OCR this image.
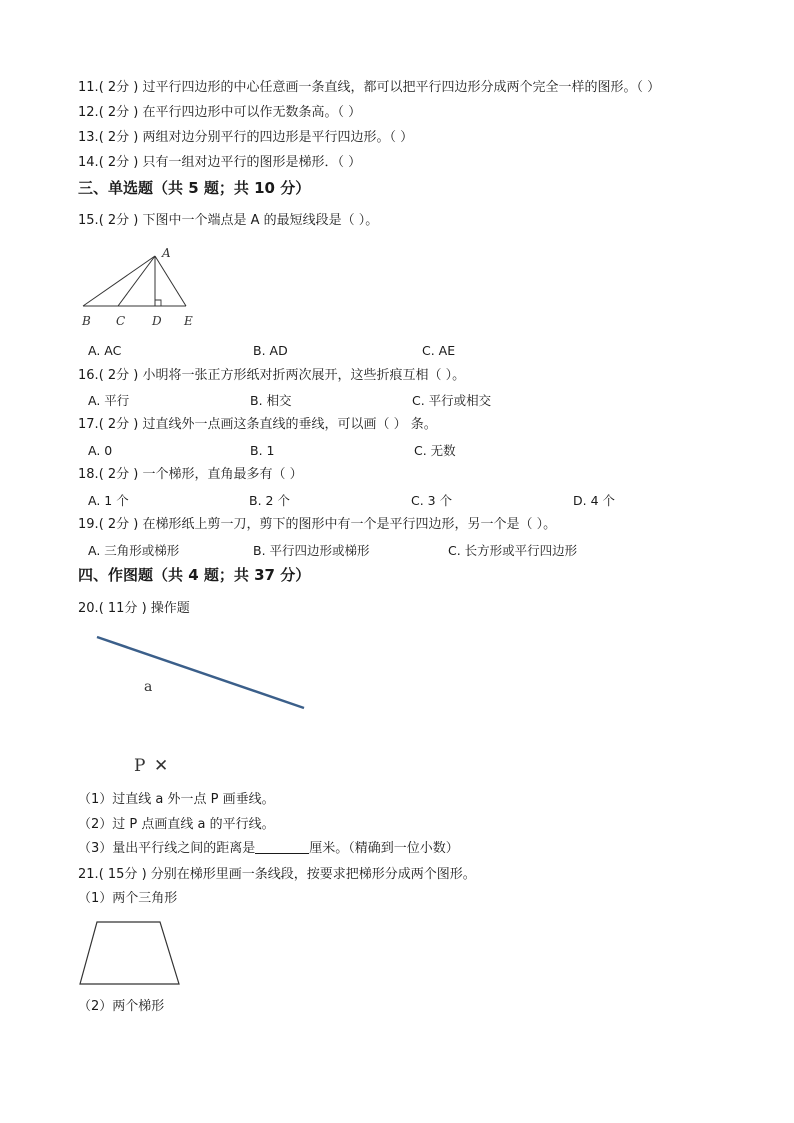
11.( 2分 ) 过平行四边形的中心任意画一条直线，都可以把平行四边形分成两个完全一样的图形。（ ）
12.( 2分 ) 在平行四边形中可以作无数条高。（ ）
13.( 2分 ) 两组对边分别平行的四边形是平行四边形。（ ）
14.( 2分 ) 只有一组对边平行的图形是梯形．（ ）
三、单选题（共 5 题；共 10 分）
15.( 2分 ) 下图中一个端点是 A 的最短线段是（ ）。
A
B C D E
A. AC	B. AD	C. AE
16.( 2分 ) 小明将一张正方形纸对折两次展开，这些折痕互相（ ）。
A. 平行	B. 相交	C. 平行或相交
17.( 2分 ) 过直线外一点画这条直线的垂线，可以画（ ） 条。
A. 0	B. 1	C. 无数
18.( 2分 ) 一个梯形，直角最多有（ ）
A. 1 个	B. 2 个	C. 3 个	D. 4 个
19.( 2分 ) 在梯形纸上剪一刀，剪下的图形中有一个是平行四边形，另一个是（ ）。
A. 三角形或梯形	B. 平行四边形或梯形	C. 长方形或平行四边形
四、作图题（共 4 题；共 37 分）
20.( 11分 ) 操作题
a
P ✕
（1）过直线 a 外一点 P 画垂线。
（2）过 P 点画直线 a 的平行线。
（3）量出平行线之间的距离是	厘米。（精确到一位小数）
21.( 15分 ) 分别在梯形里画一条线段，按要求把梯形分成两个图形。
（1）两个三角形
（2）两个梯形
